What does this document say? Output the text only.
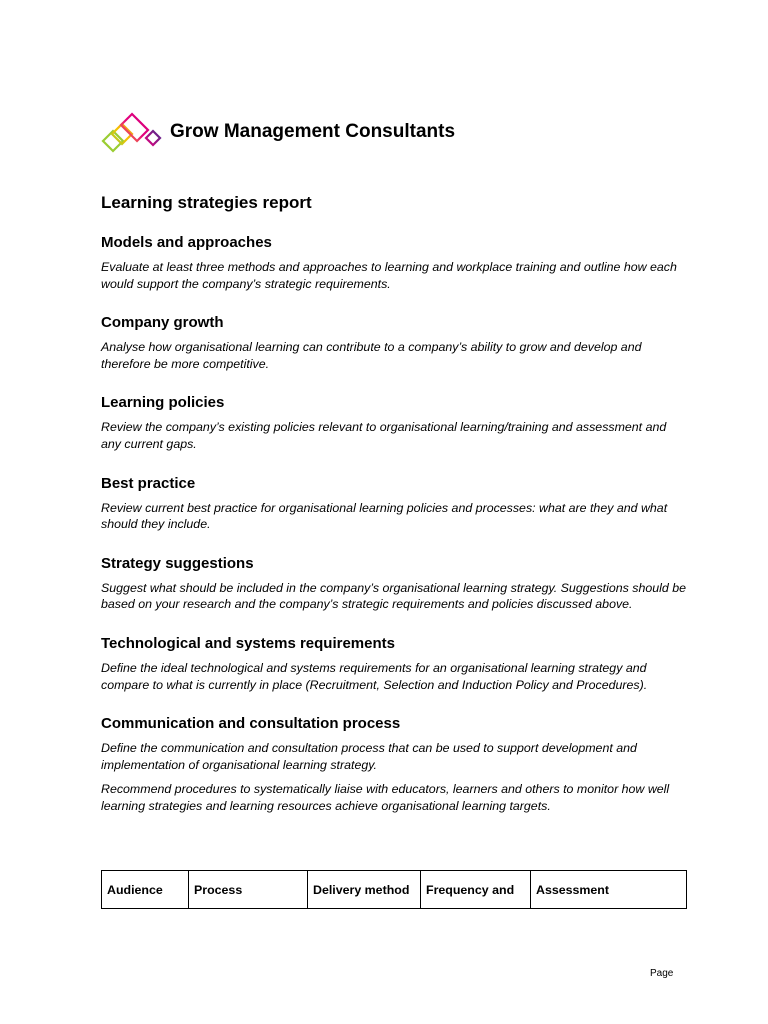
Grow Management Consultants
Learning strategies report
Models and approaches
Evaluate at least three methods and approaches to learning and workplace training and outline how each would support the company’s strategic requirements.
Company growth
Analyse how organisational learning can contribute to a company’s ability to grow and develop and therefore be more competitive.
Learning policies
Review the company’s existing policies relevant to organisational learning/training and assessment and any current gaps.
Best practice
Review current best practice for organisational learning policies and processes: what are they and what should they include.
Strategy suggestions
Suggest what should be included in the company’s organisational learning strategy. Suggestions should be based on your research and the company’s strategic requirements and policies discussed above.
Technological and systems requirements
Define the ideal technological and systems requirements for an organisational learning strategy and compare to what is currently in place (Recruitment, Selection and Induction Policy and Procedures).
Communication and consultation process
Define the communication and consultation process that can be used to support development and implementation of organisational learning strategy.
Recommend procedures to systematically liaise with educators, learners and others to monitor how well learning strategies and learning resources achieve organisational learning targets.
Audience	Process	Delivery method	Frequency and	Assessment
Page
